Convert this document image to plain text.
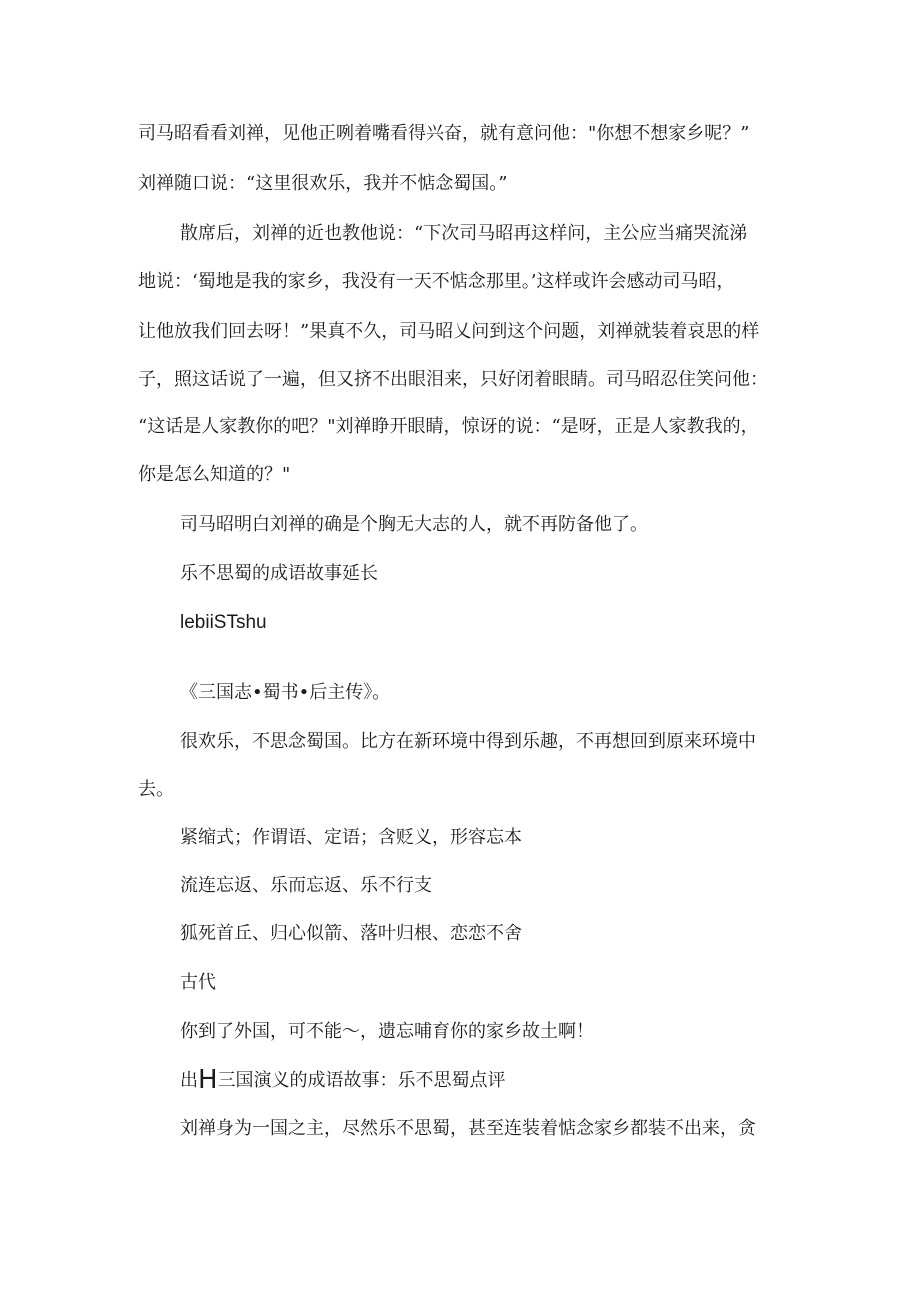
司马昭看看刘禅，见他正咧着嘴看得兴奋，就有意问他："你想不想家乡呢？”
刘禅随口说：“这里很欢乐，我并不惦念蜀国。”
散席后，刘禅的近也教他说：“下次司马昭再这样问，主公应当痛哭流涕
地说：‘蜀地是我的家乡，我没有一天不惦念那里。’这样或许会感动司马昭，
让他放我们回去呀！”果真不久，司马昭乂问到这个问题，刘禅就装着哀思的样
子，照这话说了一遍，但又挤不出眼泪来，只好闭着眼睛。司马昭忍住笑问他：
“这话是人家教你的吧？"刘禅睁开眼睛，惊讶的说：“是呀，正是人家教我的，
你是怎么知道的？"
司马昭明白刘禅的确是个胸无大志的人，就不再防备他了。
乐不思蜀的成语故事延长
lebiiSTshu
《三国志•蜀书•后主传》。
很欢乐，不思念蜀国。比方在新环境中得到乐趣，不再想回到原来环境中
去。
紧缩式；作谓语、定语；含贬义，形容忘本
流连忘返、乐而忘返、乐不行支
狐死首丘、归心似箭、落叶归根、恋恋不舍
古代
你到了外国，可不能～，遗忘哺育你的家乡故土啊！
出H三国演义的成语故事：乐不思蜀点评
刘禅身为一国之主，尽然乐不思蜀，甚至连装着惦念家乡都装不出来，贪
